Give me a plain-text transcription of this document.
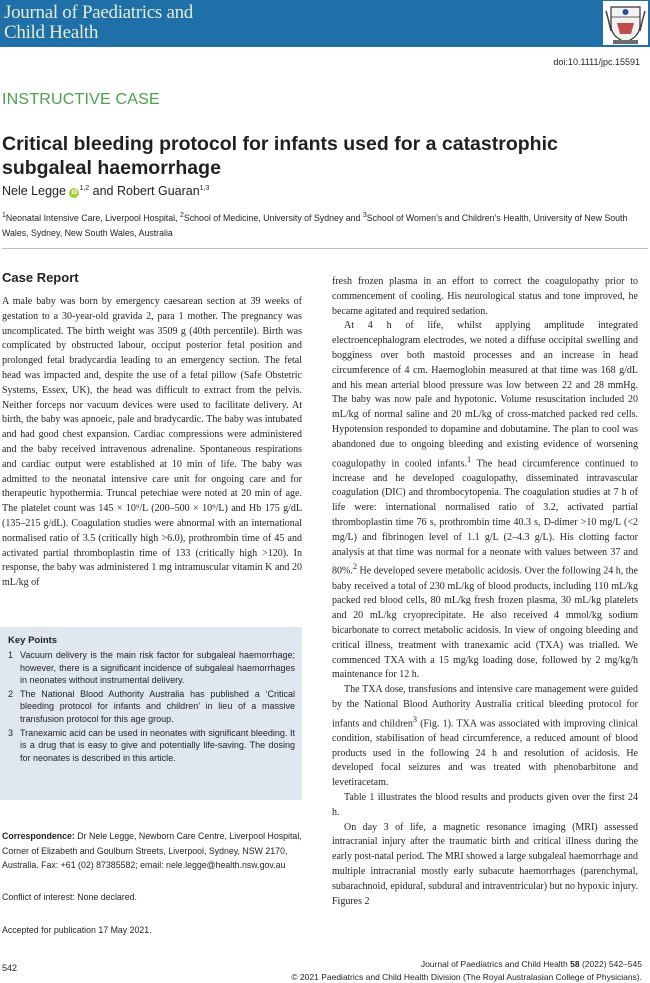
Journal of Paediatrics and
Child Health
doi:10.1111/jpc.15591
INSTRUCTIVE CASE
Critical bleeding protocol for infants used for a catastrophic subgaleal haemorrhage
Nele Legge iD$^{1,2}$ and Robert Guaran$^{1,3}$
$^1$Neonatal Intensive Care, Liverpool Hospital, $^2$School of Medicine, University of Sydney and $^3$School of Women’s and Children’s Health, University of New South Wales, Sydney, New South Wales, Australia
Case Report

A male baby was born by emergency caesarean section at 39 weeks of gestation to a 30-year-old gravida 2, para 1 mother. The pregnancy was uncomplicated. The birth weight was 3509 g (40th percentile). Birth was complicated by obstructed labour, occiput posterior fetal position and prolonged fetal bradycardia leading to an emergency section. The fetal head was impacted and, despite the use of a fetal pillow (Safe Obstetric Systems, Essex, UK), the head was difficult to extract from the pelvis. Neither forceps nor vacuum devices were used to facilitate delivery. At birth, the baby was apnoeic, pale and bradycardic. The baby was intubated and had good chest expansion. Cardiac compressions were administered and the baby received intravenous adrenaline. Spontaneous respirations and cardiac output were established at 10 min of life. The baby was admitted to the neonatal intensive care unit for ongoing care and for therapeutic hypothermia. Truncal petechiae were noted at 20 min of age. The platelet count was 145 × 10⁹/L (200–500 × 10⁹/L) and Hb 175 g/dL (135–215 g/dL). Coagulation studies were abnormal with an international normalised ratio of 3.5 (critically high >6.0), prothrombin time of 45 and activated partial thromboplastin time of 133 (critically high >120). In response, the baby was administered 1 mg intramuscular vitamin K and 20 mL/kg of

Key Points
1 Vacuum delivery is the main risk factor for subgaleal haemorrhage; however, there is a significant incidence of subgaleal haemorrhages in neonates without instrumental delivery.
2 The National Blood Authority Australia has published a ‘Critical bleeding protocol for infants and children’ in lieu of a massive transfusion protocol for this age group.
3 Tranexamic acid can be used in neonates with significant bleeding. It is a drug that is easy to give and potentially life-saving. The dosing for neonates is described in this article.
Correspondence: Dr Nele Legge, Newborn Care Centre, Liverpool Hospital, Corner of Elizabeth and Goulburn Streets, Liverpool, Sydney, NSW 2170, Australia. Fax: +61 (02) 87385582; email: nele.legge@health.nsw.gov.au
Conflict of interest: None declared.
Accepted for publication 17 May 2021.

fresh frozen plasma in an effort to correct the coagulopathy prior to commencement of cooling. His neurological status and tone improved, he became agitated and required sedation.

At 4 h of life, whilst applying amplitude integrated electroencephalogram electrodes, we noted a diffuse occipital swelling and bogginess over both mastoid processes and an increase in head circumference of 4 cm. Haemoglobin measured at that time was 168 g/dL and his mean arterial blood pressure was low between 22 and 28 mmHg. The baby was now pale and hypotonic. Volume resuscitation included 20 mL/kg of normal saline and 20 mL/kg of cross-matched packed red cells. Hypotension responded to dopamine and dobutamine. The plan to cool was abandoned due to ongoing bleeding and existing evidence of worsening coagulopathy in cooled infants.$^1$ The head circumference continued to increase and he developed coagulopathy, disseminated intravascular coagulation (DIC) and thrombocytopenia. The coagulation studies at 7 h of life were: international normalised ratio of 3.2, activated partial thromboplastin time 76 s, prothrombin time 40.3 s, D-dimer >10 mg/L (<2 mg/L) and fibrinogen level of 1.1 g/L (2–4.3 g/L). His clotting factor analysis at that time was normal for a neonate with values between 37 and 80%.$^2$ He developed severe metabolic acidosis. Over the following 24 h, the baby received a total of 230 mL/kg of blood products, including 110 mL/kg packed red blood cells, 80 mL/kg fresh frozen plasma, 30 mL/kg platelets and 20 mL/kg cryoprecipitate. He also received 4 mmol/kg sodium bicarbonate to correct metabolic acidosis. In view of ongoing bleeding and critical illness, treatment with tranexamic acid (TXA) was trialled. We commenced TXA with a 15 mg/kg loading dose, followed by 2 mg/kg/h maintenance for 12 h.

The TXA dose, transfusions and intensive care management were guided by the National Blood Authority Australia critical bleeding protocol for infants and children$^3$ (Fig. 1). TXA was associated with improving clinical condition, stabilisation of head circumference, a reduced amount of blood products used in the following 24 h and resolution of acidosis. He developed focal seizures and was treated with phenobarbitone and levetiracetam.

Table 1 illustrates the blood results and products given over the first 24 h.

On day 3 of life, a magnetic resonance imaging (MRI) assessed intracranial injury after the traumatic birth and critical illness during the early post-natal period. The MRI showed a large subgaleal haemorrhage and multiple intracranial mostly early subacute haemorrhages (parenchymal, subarachnoid, epidural, subdural and intraventricular) but no hypoxic injury. Figures 2

542	Journal of Paediatrics and Child Health 58 (2022) 542–545
© 2021 Paediatrics and Child Health Division (The Royal Australasian College of Physicians).
